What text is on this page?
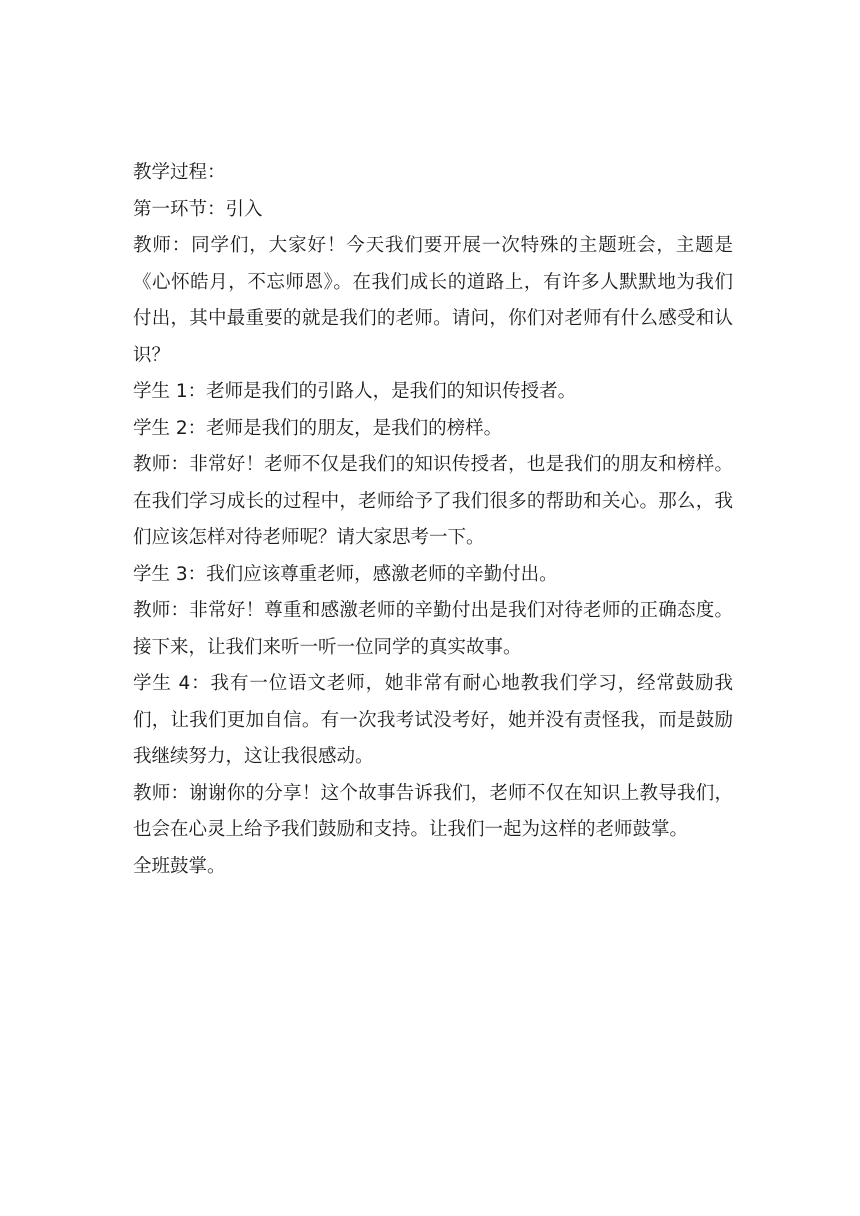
教学过程：

第一环节：引入

教师：同学们，大家好！今天我们要开展一次特殊的主题班会，主题是《心怀皓月，不忘师恩》。在我们成长的道路上，有许多人默默地为我们付出，其中最重要的就是我们的老师。请问，你们对老师有什么感受和认识？

学生 1：老师是我们的引路人，是我们的知识传授者。

学生 2：老师是我们的朋友，是我们的榜样。

教师：非常好！老师不仅是我们的知识传授者，也是我们的朋友和榜样。在我们学习成长的过程中，老师给予了我们很多的帮助和关心。那么，我们应该怎样对待老师呢？请大家思考一下。

学生 3：我们应该尊重老师，感激老师的辛勤付出。

教师：非常好！尊重和感激老师的辛勤付出是我们对待老师的正确态度。接下来，让我们来听一听一位同学的真实故事。

学生 4：我有一位语文老师，她非常有耐心地教我们学习，经常鼓励我们，让我们更加自信。有一次我考试没考好，她并没有责怪我，而是鼓励我继续努力，这让我很感动。

教师：谢谢你的分享！这个故事告诉我们，老师不仅在知识上教导我们，也会在心灵上给予我们鼓励和支持。让我们一起为这样的老师鼓掌。

全班鼓掌。
